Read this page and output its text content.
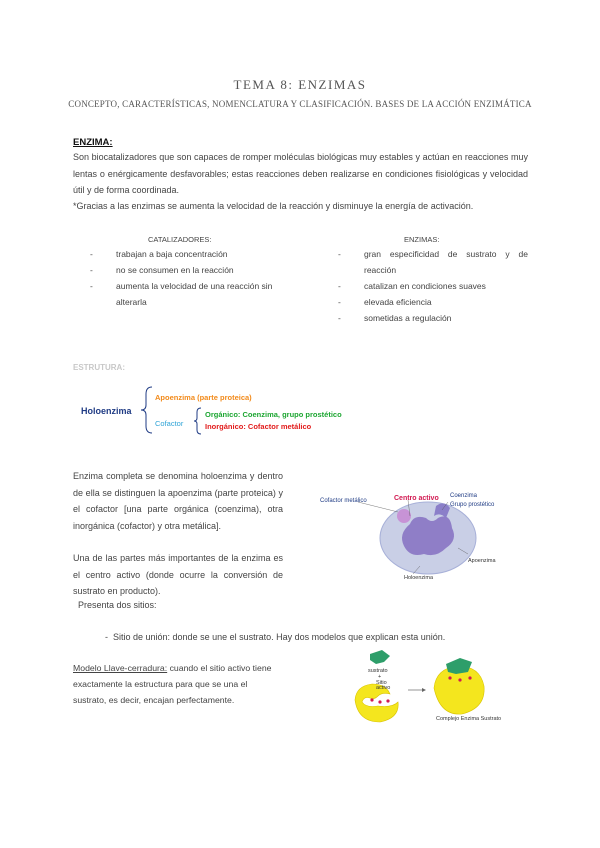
TEMA 8: ENZIMAS
CONCEPTO, CARACTERÍSTICAS, NOMENCLATURA Y CLASIFICACIÓN. BASES DE LA ACCIÓN ENZIMÁTICA
ENZIMA:
Son biocatalizadores que son capaces de romper moléculas biológicas muy estables y actúan en reacciones muy lentas o enérgicamente desfavorables; estas reacciones deben realizarse en condiciones fisiológicas y velocidad útil y de forma coordinada.
*Gracias a las enzimas se aumenta la velocidad de la reacción y disminuye la energía de activación.
CATALIZADORES:
- trabajan a baja concentración
- no se consumen en la reacción
- aumenta la velocidad de una reacción sin alterarla
ENZIMAS:
- gran especificidad de sustrato y de reacción
- catalizan en condiciones suaves
- elevada eficiencia
- sometidas a regulación
ESTRUTURA:
Holoenzima
Apoenzima (parte proteica)
Cofactor
Orgánico: Coenzima, grupo prostético
Inorgánico: Cofactor metálico
Enzima completa se denomina holoenzima y dentro de ella se distinguen la apoenzima (parte proteica) y el cofactor [una parte orgánica (coenzima), otra inorgánica (cofactor) y otra metálica].
Una de las partes más importantes de la enzima es el centro activo (donde ocurre la conversión de sustrato en producto).
Presenta dos sitios:
-  Sitio de unión: donde se une el sustrato. Hay dos modelos que explican esta unión.
Modelo Llave-cerradura: cuando el sitio activo tiene exactamente la estructura para que se una el sustrato, es decir, encajan perfectamente.
Cofactor metálico	Centro activo Coenzima
Grupo prostético
Apoenzima
Holoenzima
sustrato
+
Sitio
activo
Complejo Enzima Sustrato
